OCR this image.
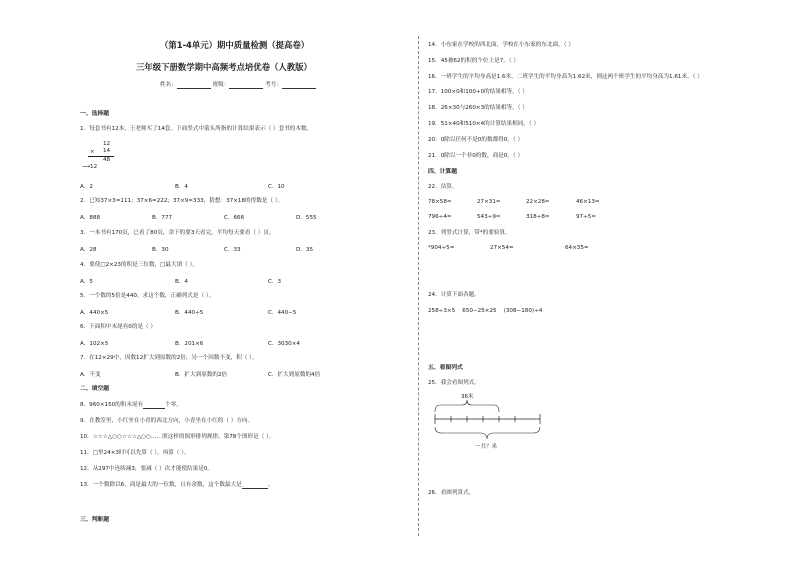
（第1-4单元）期中质量检测（提高卷）
三年级下册数学期中高频考点培优卷（人教版）
姓名：	班级：	考号：
一、选择题
1．每套书有12本，王老师买了14套。下面竖式中箭头所指的计算结果表示（ ）套书的本数。
12
14
×
48
⟶12
A．2	B．4	C．10
2．已知37×3=111；37×6=222；37×9=333，猜想：37×18的得数是（ ）。
A．888	B．777	C．666	D．555
3．一本书有170页，已看了80页，余下的要3天看完，平均每天要看（ ）页。
A．28	B．30	C．33	D．35
4．要使□2×23的积是三位数，□最大填（ ）。
A．5	B．4	C．3
5．一个数的5倍是440，求这个数，正确列式是（ ）。
A．440×5	B．440÷5	C．440−5
6．下面积中末尾有0的是（ ）
A．102×5	B．201×6	C．3030×4
7．在12×29中，因数12扩大到原数的2倍，另一个因数不变，积（ ）。
A．不变	B．扩大到原数的2倍	C．扩大到原数的4倍
二、填空题
8．960×150的积末尾有	个零。
9．在教室里，小红坐在小青的西北方向，小青坐在小红的（ ）方向。
10．☆☆☆△○○☆☆☆△○○……照这样的图形排列规律，第78个图形是（ ）。
11．□里24×3时可以先算（ ），再算（ ）。
12．从297中连续减3，要减（ ）次才能使结果是0。
13．一个数除以6，商是最大的一位数，且有余数，这个数最大是	。
三、判断题
14．小东家在学校的西北面，学校在小东家的东北面。（ ）
15．45被62的积的个位上是7。（ ）
16．一班学生的平均身高是1.6米，二班学生的平均身高为1.62米，则这两个班学生的平均身高为1.61米。（ ）
17．100×0和100+0的结果相等。（ ）
18．26×30与260×3的结果相等。（ ）
19．51×40和510×4的计算结果相同。（ ）
20．0除以任何不是0的数都得0。（ ）
21．0除以一个非0的数，商是0。（ ）
四、计算题
22．估算。
78×58≈	27×31≈	22×28≈	46×13≈
796÷4≈	543÷9≈	318÷8≈	97÷5≈
23．列竖式计算，带*的要验算。
*904÷5=	27×54=	64×35=
24．计算下面各题。
258÷3×5    650−25×25    (308−180)÷4
五、看图列式
25．我会看图列式。
36米
一共？米
26．看图列算式。
